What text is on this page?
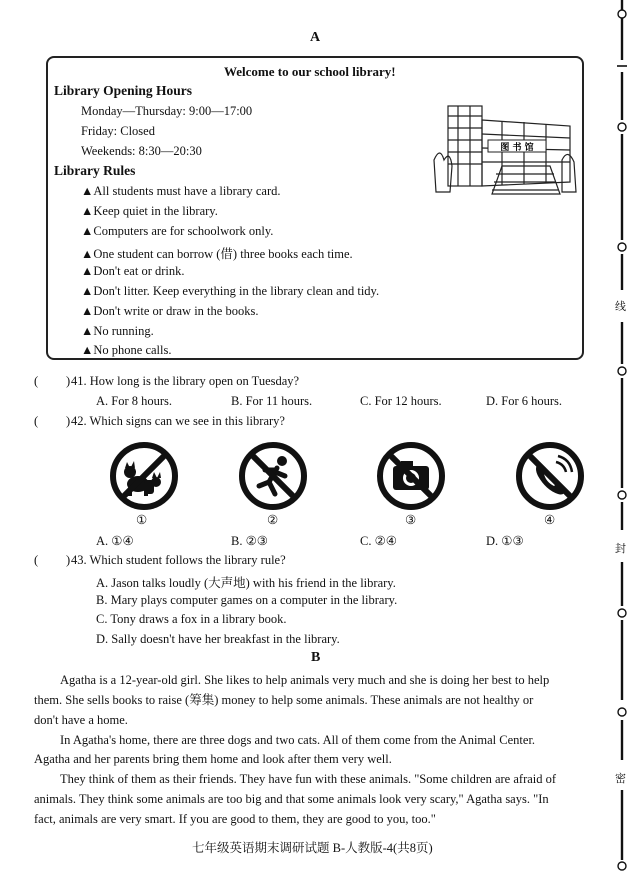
A
Welcome to our school library!
Library Opening Hours
Monday—Thursday: 9:00—17:00
Friday: Closed
Weekends: 8:30—20:30
Library Rules
▲All students must have a library card.
▲Keep quiet in the library.
▲Computers are for schoolwork only.
▲One student can borrow (借) three books each time.
▲Don't eat or drink.
▲Don't litter. Keep everything in the library clean and tidy.
▲Don't write or draw in the books.
▲No running.
▲No phone calls.
图 书 馆
( ) 41. How long is the library open on Tuesday?
A. For 8 hours.	B. For 11 hours.	C. For 12 hours.	D. For 6 hours.
( ) 42. Which signs can we see in this library?
①	②	③	④
A. ①④	B. ②③	C. ②④	D. ①③
( ) 43. Which student follows the library rule?
A. Jason talks loudly (大声地) with his friend in the library.
B. Mary plays computer games on a computer in the library.
C. Tony draws a fox in a library book.
D. Sally doesn't have her breakfast in the library.
B
Agatha is a 12-year-old girl. She likes to help animals very much and she is doing her best to help
them. She sells books to raise (筹集) money to help some animals. These animals are not healthy or
don't have a home.
In Agatha's home, there are three dogs and two cats. All of them come from the Animal Center.
Agatha and her parents bring them home and look after them very well.
They think of them as their friends. They have fun with these animals. "Some children are afraid of
animals. They think some animals are too big and that some animals look very scary," Agatha says. "In
fact, animals are very smart. If you are good to them, they are good to you, too."
七年级英语期末调研试题 B-人教版-4(共8页)
线
封
密
